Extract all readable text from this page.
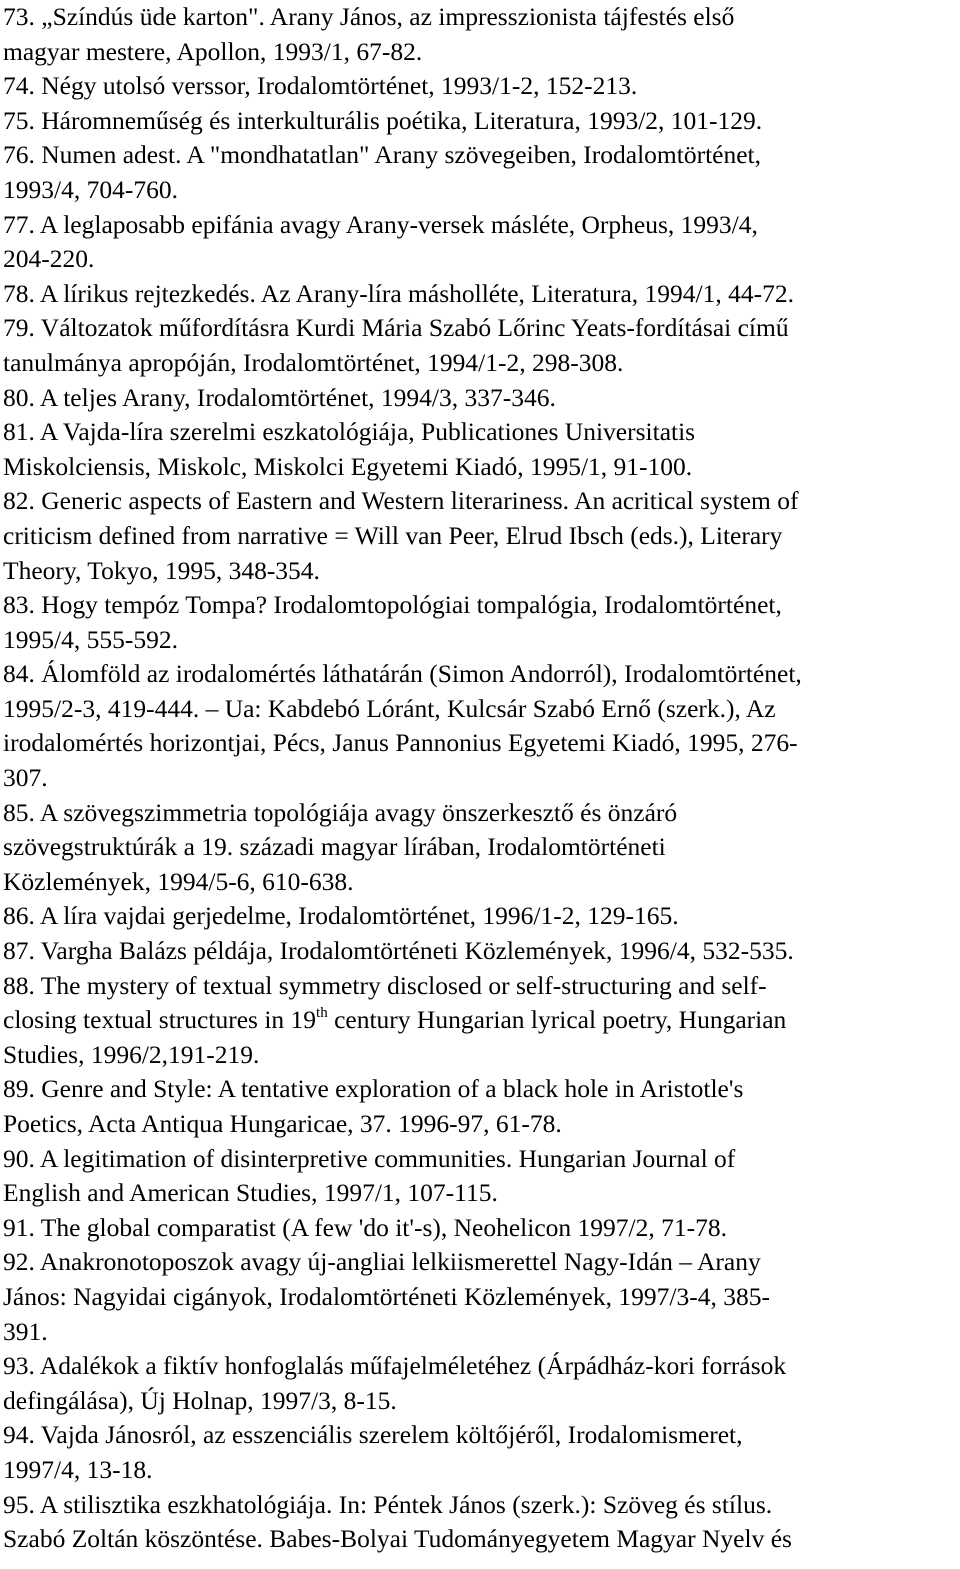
73. „Színdús üde karton". Arany János, az impresszionista tájfestés első
magyar mestere, Apollon, 1993/1, 67-82.
74. Négy utolsó verssor, Irodalomtörténet, 1993/1-2, 152-213.
75. Háromneműség és interkulturális poétika, Literatura, 1993/2, 101-129.
76. Numen adest. A "mondhatatlan" Arany szövegeiben, Irodalomtörténet,
1993/4, 704-760.
77. A leglaposabb epifánia avagy Arany-versek másléte, Orpheus, 1993/4,
204-220.
78. A lírikus rejtezkedés. Az Arany-líra másholléte, Literatura, 1994/1, 44-72.
79. Változatok műfordításra Kurdi Mária Szabó Lőrinc Yeats-fordításai című
tanulmánya apropóján, Irodalomtörténet, 1994/1-2, 298-308.
80. A teljes Arany, Irodalomtörténet, 1994/3, 337-346.
81. A Vajda-líra szerelmi eszkatológiája, Publicationes Universitatis
Miskolciensis, Miskolc, Miskolci Egyetemi Kiadó, 1995/1, 91-100.
82. Generic aspects of Eastern and Western literariness. An acritical system of
criticism defined from narrative = Will van Peer, Elrud Ibsch (eds.), Literary
Theory, Tokyo, 1995, 348-354.
83. Hogy tempóz Tompa? Irodalomtopológiai tompalógia, Irodalomtörténet,
1995/4, 555-592.
84. Álomföld az irodalomértés láthatárán (Simon Andorról), Irodalomtörténet,
1995/2-3, 419-444. – Ua: Kabdebó Lóránt, Kulcsár Szabó Ernő (szerk.), Az
irodalomértés horizontjai, Pécs, Janus Pannonius Egyetemi Kiadó, 1995, 276-
307.
85. A szövegszimmetria topológiája avagy önszerkesztő és önzáró
szövegstruktúrák a 19. századi magyar lírában, Irodalomtörténeti
Közlemények, 1994/5-6, 610-638.
86. A líra vajdai gerjedelme, Irodalomtörténet, 1996/1-2, 129-165.
87. Vargha Balázs példája, Irodalomtörténeti Közlemények, 1996/4, 532-535.
88. The mystery of textual symmetry disclosed or self-structuring and self-
closing textual structures in 19th century Hungarian lyrical poetry, Hungarian
Studies, 1996/2,191-219.
89. Genre and Style: A tentative exploration of a black hole in Aristotle's
Poetics, Acta Antiqua Hungaricae, 37. 1996-97, 61-78.
90. A legitimation of disinterpretive communities. Hungarian Journal of
English and American Studies, 1997/1, 107-115.
91. The global comparatist (A few 'do it'-s), Neohelicon 1997/2, 71-78.
92. Anakronotoposzok avagy új-angliai lelkiismerettel Nagy-Idán – Arany
János: Nagyidai cigányok, Irodalomtörténeti Közlemények, 1997/3-4, 385-
391.
93. Adalékok a fiktív honfoglalás műfajelméletéhez (Árpádház-kori források
defingálása), Új Holnap, 1997/3, 8-15.
94. Vajda Jánosról, az esszenciális szerelem költőjéről, Irodalomismeret,
1997/4, 13-18.
95. A stilisztika eszkhatológiája. In: Péntek János (szerk.): Szöveg és stílus.
Szabó Zoltán köszöntése. Babes-Bolyai Tudományegyetem Magyar Nyelv és
